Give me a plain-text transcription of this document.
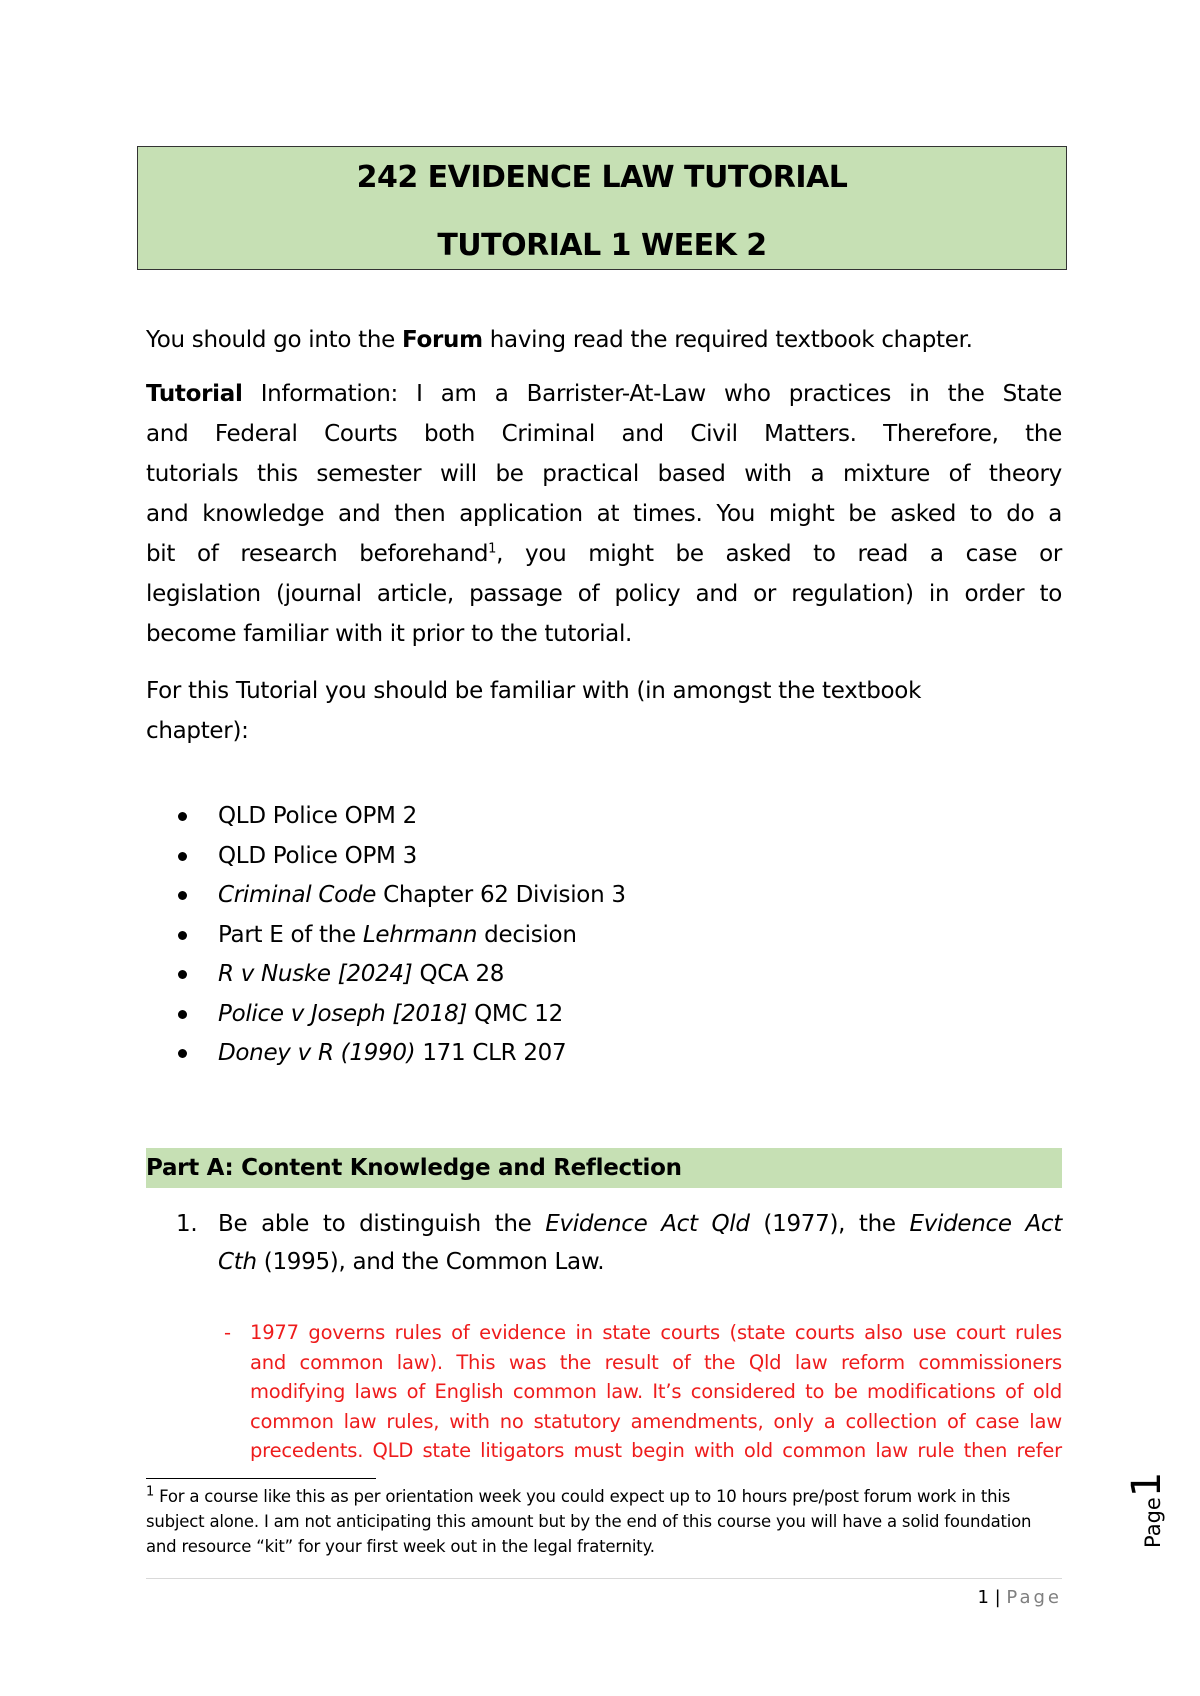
242 EVIDENCE LAW TUTORIAL
TUTORIAL 1 WEEK 2
You should go into the Forum having read the required textbook chapter.
Tutorial Information: I am a Barrister-At-Law who practices in the State
and Federal Courts both Criminal and Civil Matters. Therefore, the
tutorials this semester will be practical based with a mixture of theory
and knowledge and then application at times. You might be asked to do a
bit of research beforehand$^1$, you might be asked to read a case or
legislation (journal article, passage of policy and or regulation) in order to
become familiar with it prior to the tutorial.
For this Tutorial you should be familiar with (in amongst the textbook
chapter):
QLD Police OPM 2
QLD Police OPM 3
Criminal Code Chapter 62 Division 3
Part E of the Lehrmann decision
R v Nuske [2024] QCA 28
Police v Joseph [2018] QMC 12
Doney v R (1990) 171 CLR 207
Part A: Content Knowledge and Reflection
1. Be able to distinguish the Evidence Act Qld (1977), the Evidence Act
Cth (1995), and the Common Law.
- 1977 governs rules of evidence in state courts (state courts also use court rules
and common law). This was the result of the Qld law reform commissioners
modifying laws of English common law. It’s considered to be modifications of old
common law rules, with no statutory amendments, only a collection of case law
precedents. QLD state litigators must begin with old common law rule then refer
$^1$ For a course like this as per orientation week you could expect up to 10 hours pre/post forum work in this
subject alone. I am not anticipating this amount but by the end of this course you will have a solid foundation
and resource “kit” for your first week out in the legal fraternity.
1 | Page
Page1
